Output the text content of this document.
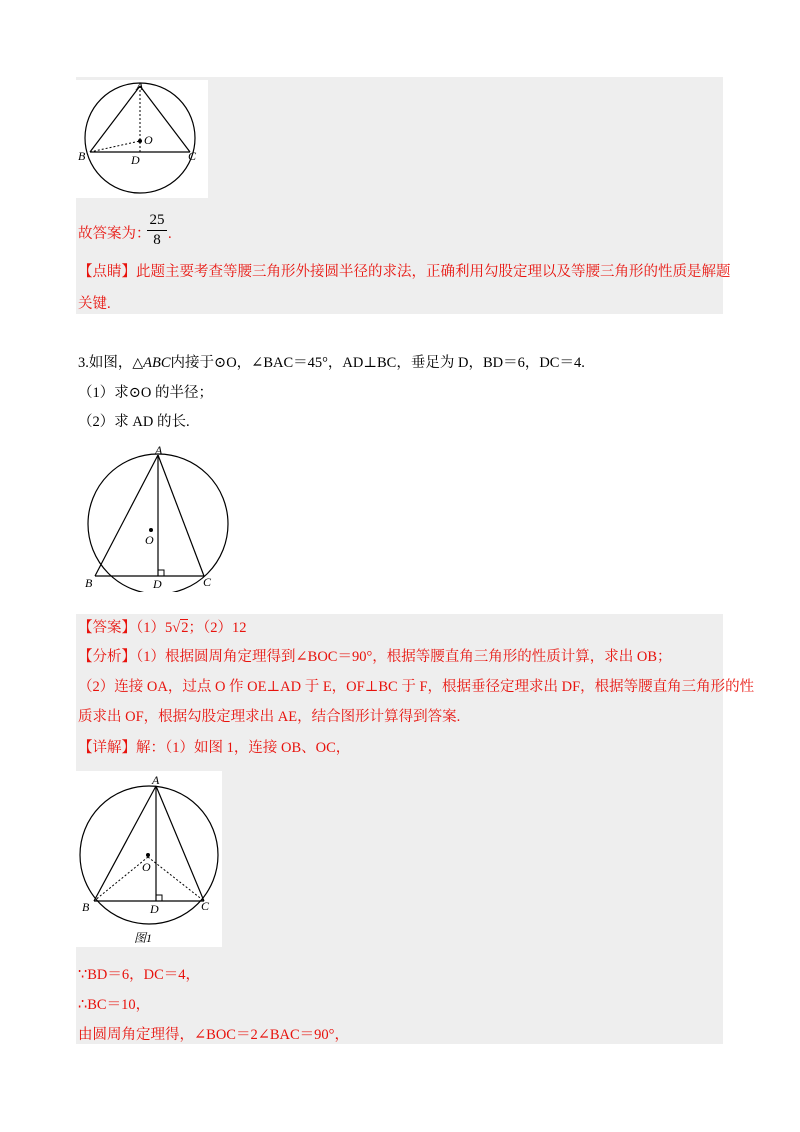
A
O
B	D	C
故答案为：
25
8 .
【点睛】此题主要考查等腰三角形外接圆半径的求法，正确利用勾股定理以及等腰三角形的性质是解题
关键.
3.如图，△ABC内接于⊙O，∠BAC＝45°，AD⊥BC，垂足为 D，BD＝6，DC＝4.
（1）求⊙O 的半径；
（2）求 AD 的长.
A
O
B	D	C
【答案】（1）5√2；（2）12
【分析】（1）根据圆周角定理得到∠BOC＝90°，根据等腰直角三角形的性质计算，求出 OB；
（2）连接 OA，过点 O 作 OE⊥AD 于 E，OF⊥BC 于 F，根据垂径定理求出 DF，根据等腰直角三角形的性
质求出 OF，根据勾股定理求出 AE，结合图形计算得到答案.
【详解】解：（1）如图 1，连接 OB、OC，
A
O
B	D	C
图1
∵BD＝6，DC＝4，
∴BC＝10，
由圆周角定理得，∠BOC＝2∠BAC＝90°，
